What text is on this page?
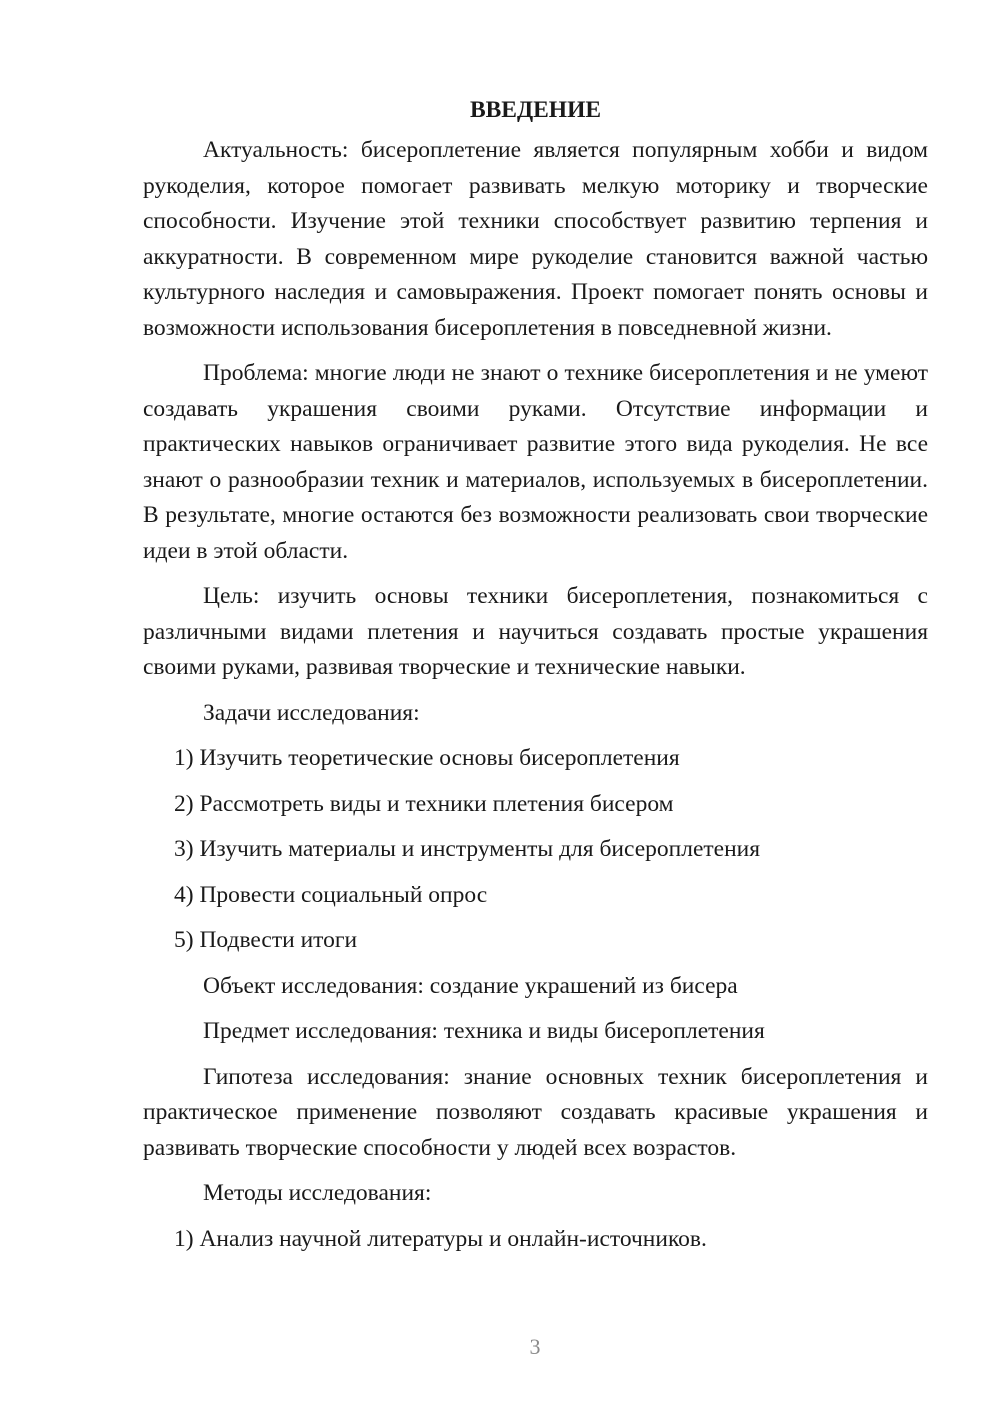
ВВЕДЕНИЕ

Актуальность: бисероплетение является популярным хобби и видом рукоделия, которое помогает развивать мелкую моторику и творческие способности. Изучение этой техники способствует развитию терпения и аккуратности. В современном мире рукоделие становится важной частью культурного наследия и самовыражения. Проект помогает понять основы и возможности использования бисероплетения в повседневной жизни.

Проблема: многие люди не знают о технике бисероплетения и не умеют создавать украшения своими руками. Отсутствие информации и практических навыков ограничивает развитие этого вида рукоделия. Не все знают о разнообразии техник и материалов, используемых в бисероплетении. В результате, многие остаются без возможности реализовать свои творческие идеи в этой области.

Цель: изучить основы техники бисероплетения, познакомиться с различными видами плетения и научиться создавать простые украшения своими руками, развивая творческие и технические навыки.

Задачи исследования:
1) Изучить теоретические основы бисероплетения
2) Рассмотреть виды и техники плетения бисером
3) Изучить материалы и инструменты для бисероплетения
4) Провести социальный опрос
5) Подвести итоги
Объект исследования: создание украшений из бисера
Предмет исследования: техника и виды бисероплетения

Гипотеза исследования: знание основных техник бисероплетения и практическое применение позволяют создавать красивые украшения и развивать творческие способности у людей всех возрастов.

Методы исследования:
1) Анализ научной литературы и онлайн-источников.
3
